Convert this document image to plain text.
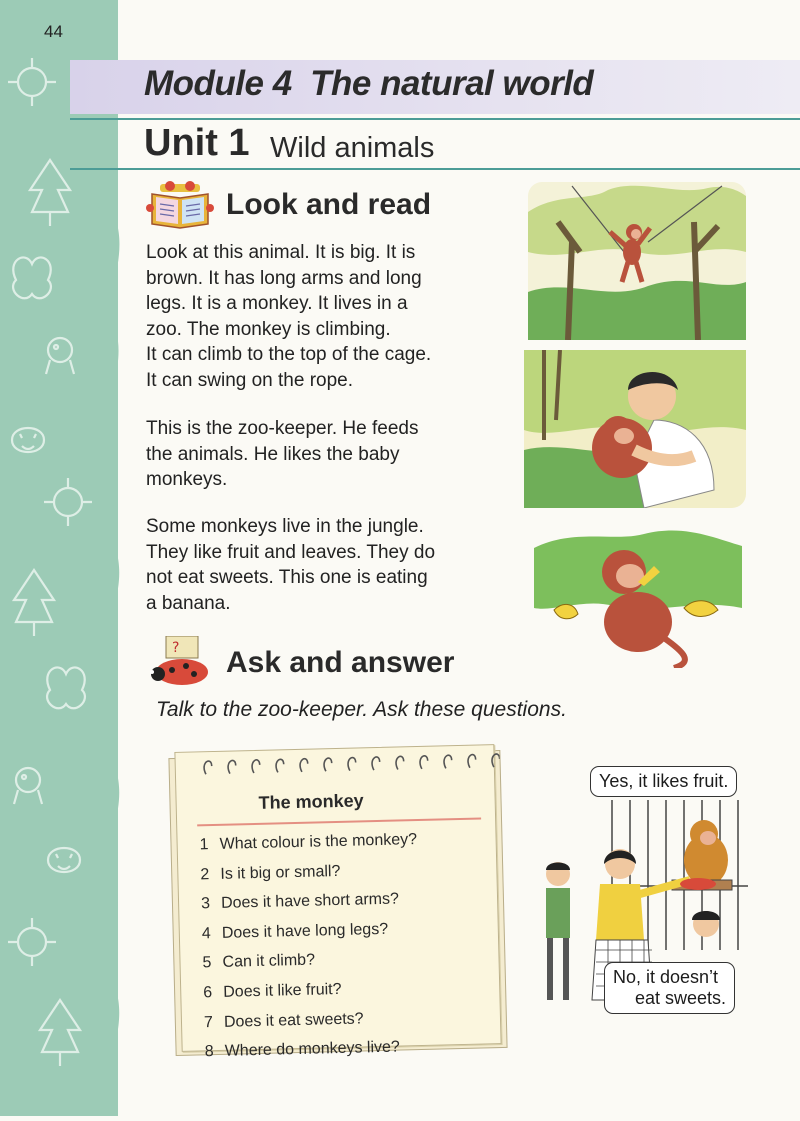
44
Module 4  The natural world
Unit 1 Wild animals
Look and read
Look at this animal. It is big. It is
brown. It has long arms and long
legs. It is a monkey. It lives in a
zoo. The monkey is climbing.
It can climb to the top of the cage.
It can swing on the rope.
This is the zoo-keeper. He feeds
the animals. He likes the baby
monkeys.
Some monkeys live in the jungle.
They like fruit and leaves. They do
not eat sweets. This one is eating
a banana.
? Ask and answer
Talk to the zoo-keeper. Ask these questions.
The monkey
1 What colour is the monkey?
2 Is it big or small?
3 Does it have short arms?
4 Does it have long legs?
5 Can it climb?
6 Does it like fruit?
7 Does it eat sweets?
8 Where do monkeys live?
Yes, it likes fruit.
No, it doesn’t
eat sweets.
